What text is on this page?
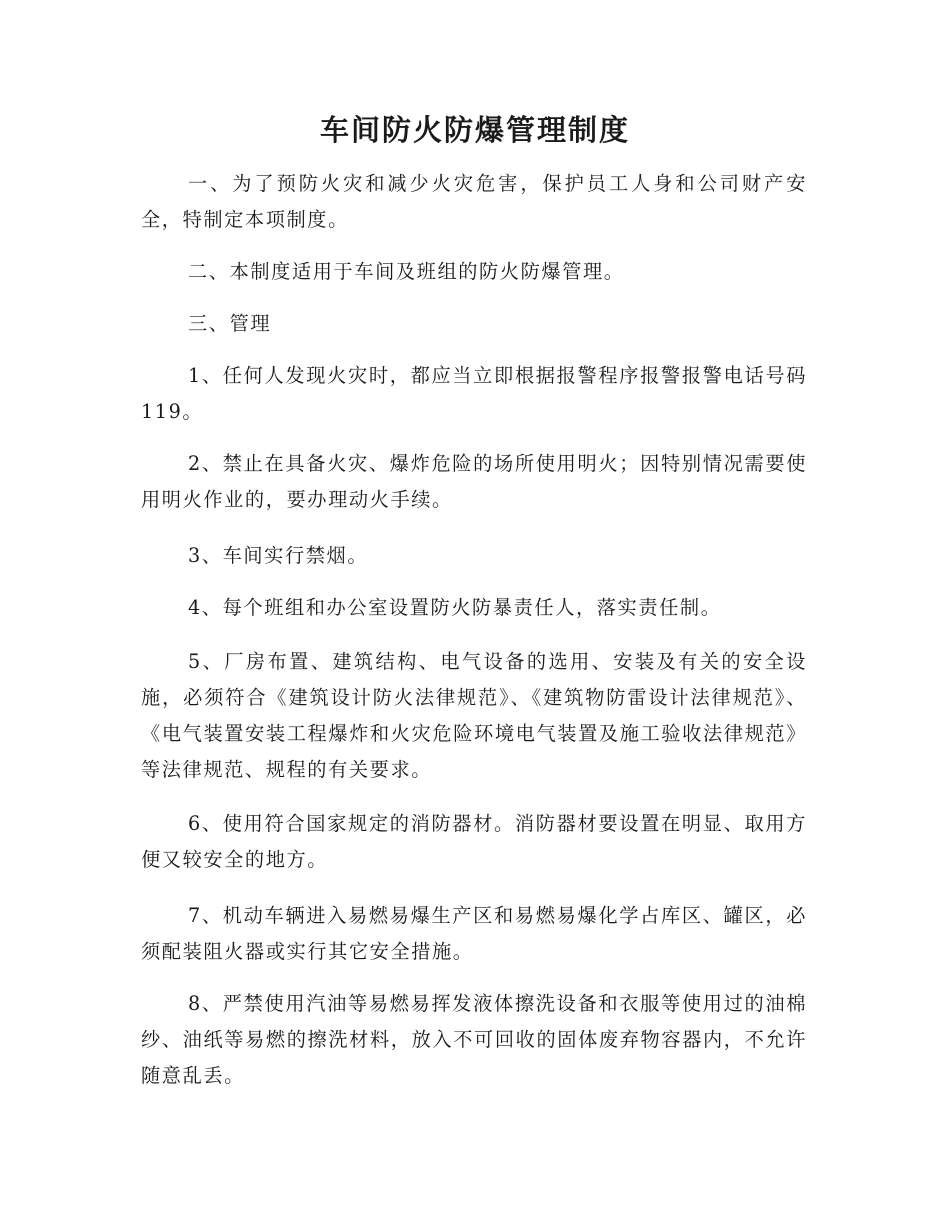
车间防火防爆管理制度

一、为了预防火灾和减少火灾危害，保护员工人身和公司财产安全，特制定本项制度。

二、本制度适用于车间及班组的防火防爆管理。

三、管理

1、任何人发现火灾时，都应当立即根据报警程序报警报警电话号码119。

2、禁止在具备火灾、爆炸危险的场所使用明火；因特别情况需要使用明火作业的，要办理动火手续。

3、车间实行禁烟。

4、每个班组和办公室设置防火防暴责任人，落实责任制。

5、厂房布置、建筑结构、电气设备的选用、安装及有关的安全设施，必须符合《建筑设计防火法律规范》、《建筑物防雷设计法律规范》、《电气装置安装工程爆炸和火灾危险环境电气装置及施工验收法律规范》等法律规范、规程的有关要求。

6、使用符合国家规定的消防器材。消防器材要设置在明显、取用方便又较安全的地方。

7、机动车辆进入易燃易爆生产区和易燃易爆化学占库区、罐区，必须配装阻火器或实行其它安全措施。

8、严禁使用汽油等易燃易挥发液体擦洗设备和衣服等使用过的油棉纱、油纸等易燃的擦洗材料，放入不可回收的固体废弃物容器内，不允许随意乱丢。
